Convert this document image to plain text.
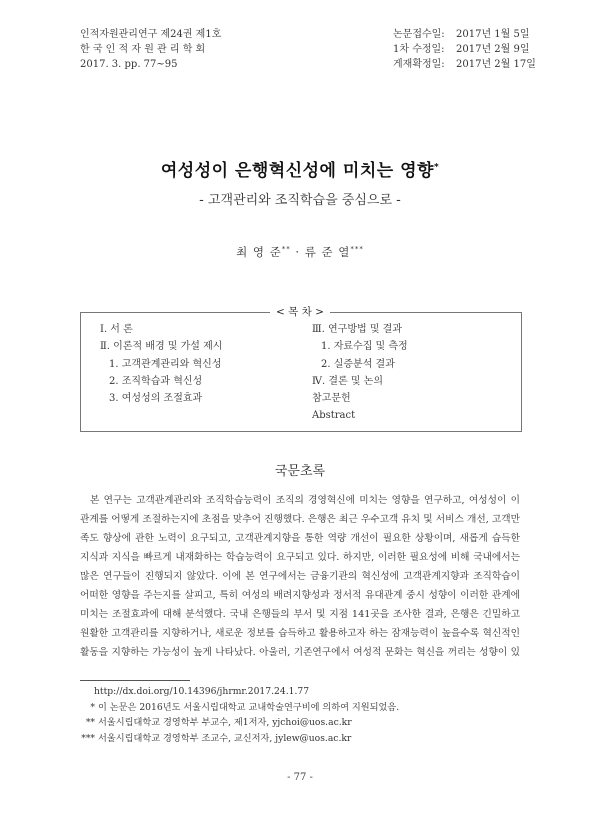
인적자원관리연구 제24권 제1호
한 국 인 적 자 원 관 리 학 회
2017. 3. pp. 77~95
논문접수일:	2017년 1월 5일
1차 수정일:	2017년 2월 9일
게재확정일:	2017년 2월 17일
여성성이 은행혁신성에 미치는 영향*
- 고객관리와 조직학습을 중심으로 -
최 영 준** · 류 준 열***
< 목 차 >
Ⅰ. 서 론
Ⅱ. 이론적 배경 및 가설 제시
1. 고객관계관리와 혁신성
2. 조직학습과 혁신성
3. 여성성의 조절효과
Ⅲ. 연구방법 및 결과
1. 자료수집 및 측정
2. 실증분석 결과
Ⅳ. 결론 및 논의
참고문헌
Abstract
국문초록
본 연구는 고객관계관리와 조직학습능력이 조직의 경영혁신에 미치는 영향을 연구하고, 여성성이 이
관계를 어떻게 조절하는지에 초점을 맞추어 진행했다. 은행은 최근 우수고객 유치 및 서비스 개선, 고객만
족도 향상에 관한 노력이 요구되고, 고객관계지향을 통한 역량 개선이 필요한 상황이며, 새롭게 습득한
지식과 지식을 빠르게 내재화하는 학습능력이 요구되고 있다. 하지만, 이러한 필요성에 비해 국내에서는
많은 연구들이 진행되지 않았다. 이에 본 연구에서는 금융기관의 혁신성에 고객관계지향과 조직학습이
어떠한 영향을 주는지를 살피고, 특히 여성의 배려지향성과 정서적 유대관계 중시 성향이 이러한 관계에
미치는 조절효과에 대해 분석했다. 국내 은행들의 부서 및 지점 141곳을 조사한 결과, 은행은 긴밀하고
원활한 고객관리를 지향하거나, 새로운 정보를 습득하고 활용하고자 하는 잠재능력이 높을수록 혁신적인
활동을 지향하는 가능성이 높게 나타났다. 아울러, 기존연구에서 여성적 문화는 혁신을 꺼리는 성향이 있
http://dx.doi.org/10.14396/jhrmr.2017.24.1.77
* 이 논문은 2016년도 서울시립대학교 교내학술연구비에 의하여 지원되었음.
** 서울시립대학교 경영학부 부교수, 제1저자, yjchoi@uos.ac.kr
*** 서울시립대학교 경영학부 조교수, 교신저자, jylew@uos.ac.kr
- 77 -
